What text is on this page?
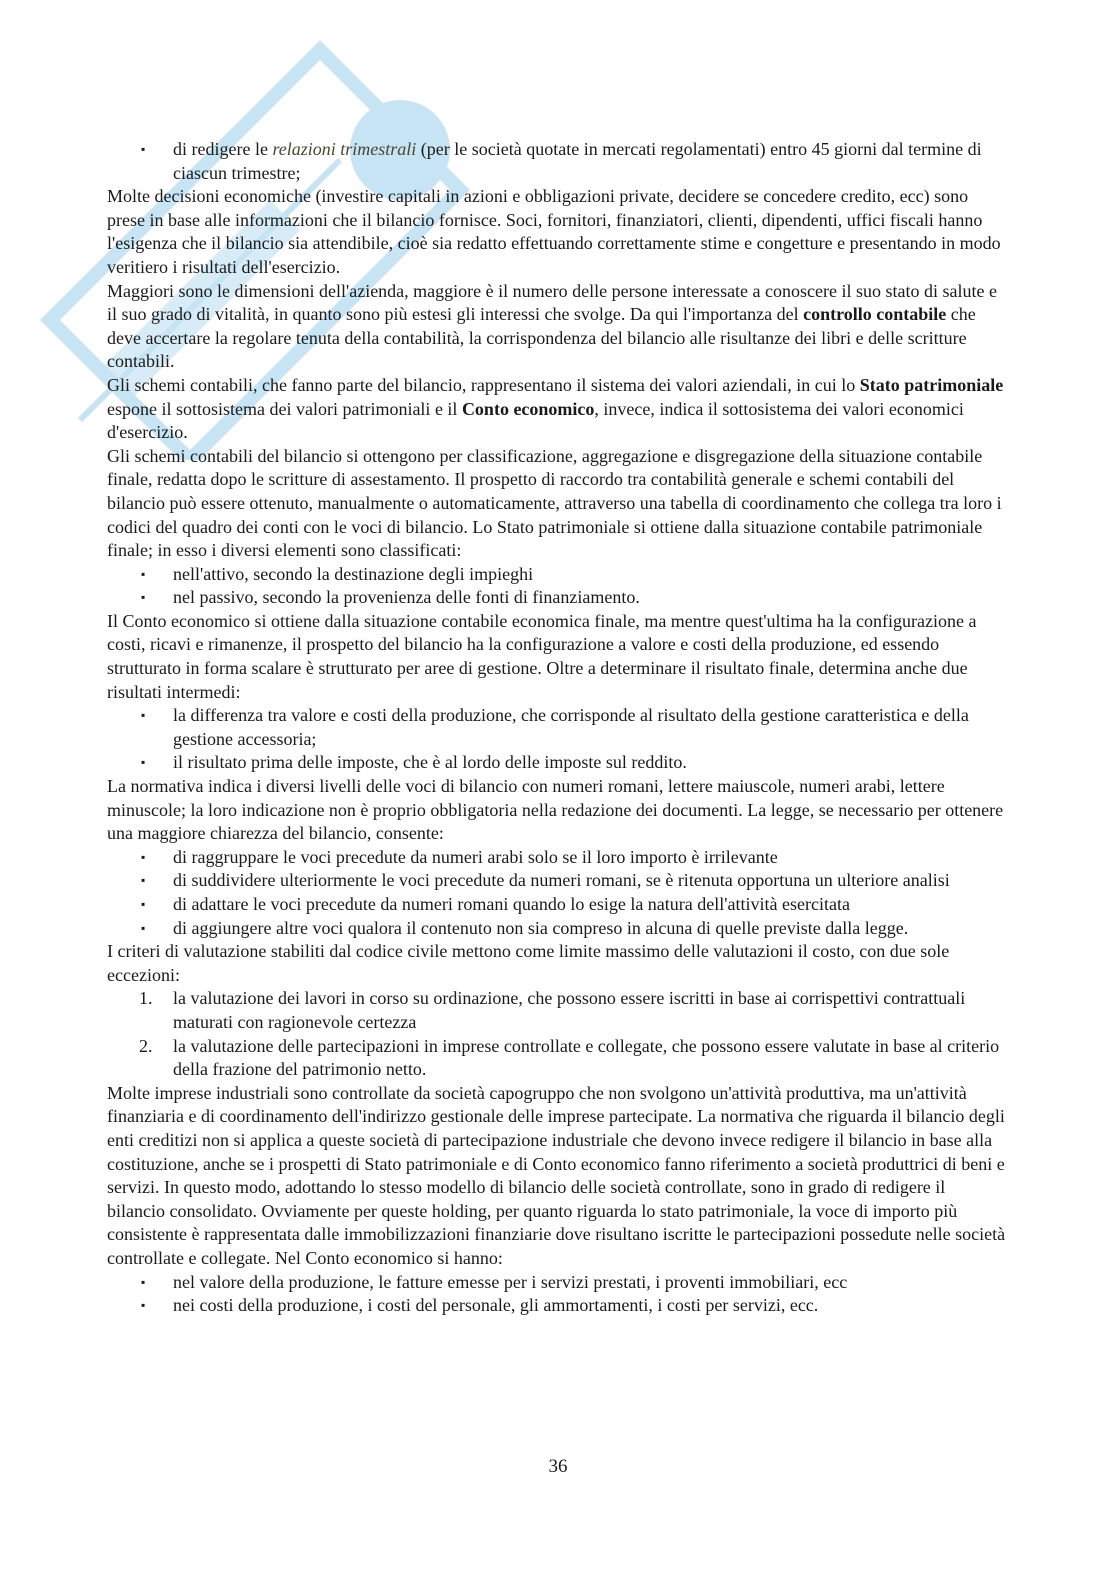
▪ di redigere le relazioni trimestrali (per le società quotate in mercati regolamentati) entro 45 giorni dal termine di ciascun trimestre;
Molte decisioni economiche (investire capitali in azioni e obbligazioni private, decidere se concedere credito, ecc) sono prese in base alle informazioni che il bilancio fornisce. Soci, fornitori, finanziatori, clienti, dipendenti, uffici fiscali hanno l'esigenza che il bilancio sia attendibile, cioè sia redatto effettuando correttamente stime e congetture e presentando in modo veritiero i risultati dell'esercizio.
Maggiori sono le dimensioni dell'azienda, maggiore è il numero delle persone interessate a conoscere il suo stato di salute e il suo grado di vitalità, in quanto sono più estesi gli interessi che svolge. Da qui l'importanza del controllo contabile che deve accertare la regolare tenuta della contabilità, la corrispondenza del bilancio alle risultanze dei libri e delle scritture contabili.
Gli schemi contabili, che fanno parte del bilancio, rappresentano il sistema dei valori aziendali, in cui lo Stato patrimoniale espone il sottosistema dei valori patrimoniali e il Conto economico, invece, indica il sottosistema dei valori economici d'esercizio.
Gli schemi contabili del bilancio si ottengono per classificazione, aggregazione e disgregazione della situazione contabile finale, redatta dopo le scritture di assestamento. Il prospetto di raccordo tra contabilità generale e schemi contabili del bilancio può essere ottenuto, manualmente o automaticamente, attraverso una tabella di coordinamento che collega tra loro i codici del quadro dei conti con le voci di bilancio. Lo Stato patrimoniale si ottiene dalla situazione contabile patrimoniale finale; in esso i diversi elementi sono classificati:
▪ nell'attivo, secondo la destinazione degli impieghi
▪ nel passivo, secondo la provenienza delle fonti di finanziamento.
Il Conto economico si ottiene dalla situazione contabile economica finale, ma mentre quest'ultima ha la configurazione a costi, ricavi e rimanenze, il prospetto del bilancio ha la configurazione a valore e costi della produzione, ed essendo strutturato in forma scalare è strutturato per aree di gestione. Oltre a determinare il risultato finale, determina anche due risultati intermedi:
▪ la differenza tra valore e costi della produzione, che corrisponde al risultato della gestione caratteristica e della gestione accessoria;
▪ il risultato prima delle imposte, che è al lordo delle imposte sul reddito.
La normativa indica i diversi livelli delle voci di bilancio con numeri romani, lettere maiuscole, numeri arabi, lettere minuscole; la loro indicazione non è proprio obbligatoria nella redazione dei documenti. La legge, se necessario per ottenere una maggiore chiarezza del bilancio, consente:
▪ di raggruppare le voci precedute da numeri arabi solo se il loro importo è irrilevante
▪ di suddividere ulteriormente le voci precedute da numeri romani, se è ritenuta opportuna un ulteriore analisi
▪ di adattare le voci precedute da numeri romani quando lo esige la natura dell'attività esercitata
▪ di aggiungere altre voci qualora il contenuto non sia compreso in alcuna di quelle previste dalla legge.
I criteri di valutazione stabiliti dal codice civile mettono come limite massimo delle valutazioni il costo, con due sole eccezioni:
1. la valutazione dei lavori in corso su ordinazione, che possono essere iscritti in base ai corrispettivi contrattuali maturati con ragionevole certezza
2. la valutazione delle partecipazioni in imprese controllate e collegate, che possono essere valutate in base al criterio della frazione del patrimonio netto.
Molte imprese industriali sono controllate da società capogruppo che non svolgono un'attività produttiva, ma un'attività finanziaria e di coordinamento dell'indirizzo gestionale delle imprese partecipate. La normativa che riguarda il bilancio degli enti creditizi non si applica a queste società di partecipazione industriale che devono invece redigere il bilancio in base alla costituzione, anche se i prospetti di Stato patrimoniale e di Conto economico fanno riferimento a società produttrici di beni e servizi. In questo modo, adottando lo stesso modello di bilancio delle società controllate, sono in grado di redigere il bilancio consolidato. Ovviamente per queste holding, per quanto riguarda lo stato patrimoniale, la voce di importo più consistente è rappresentata dalle immobilizzazioni finanziarie dove risultano iscritte le partecipazioni possedute nelle società controllate e collegate. Nel Conto economico si hanno:
▪ nel valore della produzione, le fatture emesse per i servizi prestati, i proventi immobiliari, ecc
▪ nei costi della produzione, i costi del personale, gli ammortamenti, i costi per servizi, ecc.
36
